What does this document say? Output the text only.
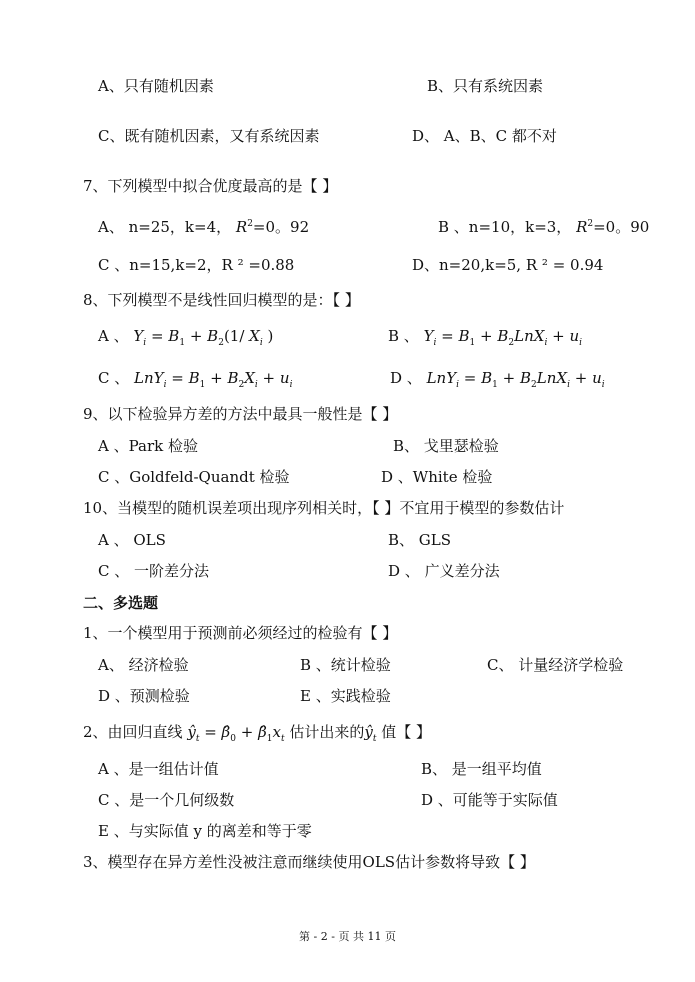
A、只有随机因素	B、只有系统因素
C、既有随机因素，又有系统因素	D、 A、B、C 都不对
7、下列模型中拟合优度最高的是【 】
A、 n=25，k=4， $R^2=0$。92	B 、n=10，k=3， $R^2=0$。90
C 、n=15,k=2，R ² =0.88	D、n=20,k=5, R ² = 0.94
8、下列模型不是线性回归模型的是：【 】
A 、 $Y_i = B_1 + B_2(1/$ $X_i$ )	B 、 $Y_i = B_1 + B_2LnX_i + u_i$
C 、 $LnY_i = B_1 + B_2X_i + u_i$	D 、 $LnY_i = B_1 + B_2LnX_i + u_i$
9、以下检验异方差的方法中最具一般性是【 】
A 、Park 检验	B、 戈里瑟检验
C 、Goldfeld-Quandt 检验	D 、White 检验
10、当模型的随机误差项出现序列相关时，【 】不宜用于模型的参数估计
A 、 OLS	B、 GLS
C 、 一阶差分法	D 、 广义差分法
二、多选题
1、一个模型用于预测前必须经过的检验有【 】
A、 经济检验	B 、统计检验	C、 计量经济学检验
D 、预测检验	E 、实践检验
2、由回归直线 $ŷ_t$ = $\betâ_0$ + $\betâ_1x_t$ 估计出来的$ŷ_t$ 值【 】
A 、是一组估计值	B、 是一组平均值
C 、是一个几何级数	D 、可能等于实际值
E 、与实际值 y 的离差和等于零
3、模型存在异方差性没被注意而继续使用OLS估计参数将导致【 】
第 - 2 - 页 共 11 页
